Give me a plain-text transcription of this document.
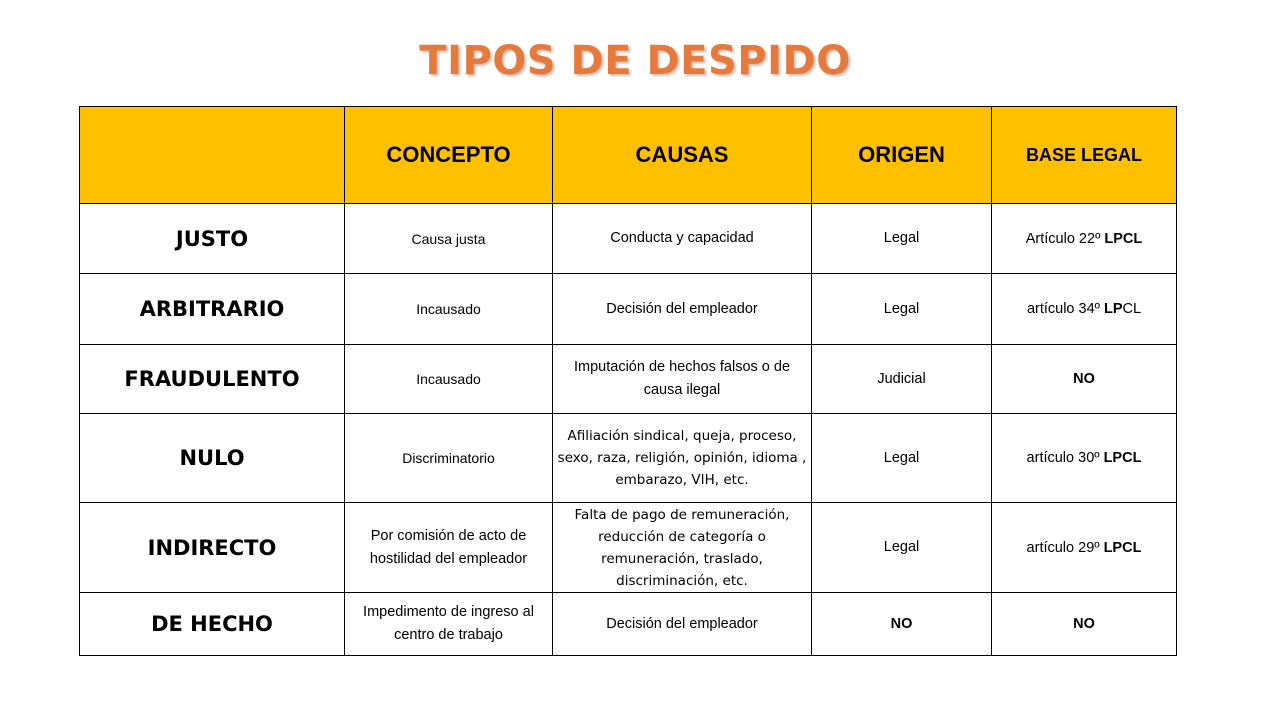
TIPOS DE DESPIDO
	CONCEPTO	CAUSAS	ORIGEN	BASE LEGAL
JUSTO	Causa justa	Conducta y capacidad	Legal	Artículo 22º LPCL
ARBITRARIO	Incausado	Decisión del empleador	Legal	artículo 34º LPCL
FRAUDULENTO	Incausado	Imputación de hechos falsos o de causa ilegal	Judicial	NO
NULO	Discriminatorio	Afiliación sindical, queja, proceso, sexo, raza, religión, opinión, idioma , embarazo, VIH, etc.	Legal	artículo 30º LPCL
INDIRECTO	Por comisión de acto de hostilidad del empleador	Falta de pago de remuneración, reducción de categoría o remuneración, traslado, discriminación, etc.	Legal	artículo 29º LPCL
DE HECHO	Impedimento de ingreso al centro de trabajo	Decisión del empleador	NO	NO
